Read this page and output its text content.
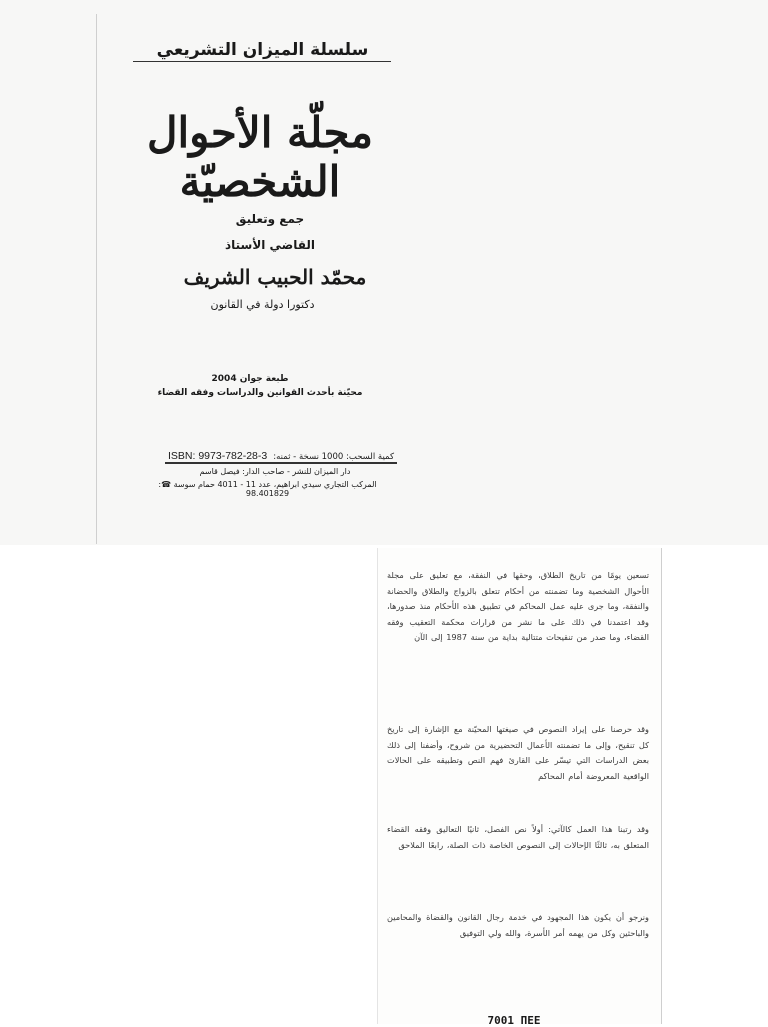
سلسلة الميزان التشريعي
مجلّة الأحوال الشخصيّة
جمع وتعليق
القاضي الأستاذ
محمّد الحبيب الشريف
دكتورا دولة في القانون
طبعة جوان 2004
محيّنة بأحدث القوانين والدراسات وفقه القضاء
ISBN: 9973-782-28-3 كمية السحب: 1000 نسخة - ثمنه:
دار الميزان للنشر - صاحب الدار: فيصل قاسم
المركب التجاري سيدي ابراهيم، عدد 11 - 4011 حمام سوسة ☎: 98.401829
تسعين يومًا من تاريخ الطلاق، وحقها في النفقة، مع تعليق على مجلة الأحوال الشخصية وما تضمنته من أحكام تتعلق بالزواج والطلاق والحضانة والنفقة، وما جرى عليه عمل المحاكم في تطبيق هذه الأحكام منذ صدورها، وقد اعتمدنا في ذلك على ما نشر من قرارات محكمة التعقيب وفقه القضاء، وما صدر من تنقيحات متتالية بداية من سنة 1987 إلى الآن
وقد حرصنا على إيراد النصوص في صيغتها المحيّنة مع الإشارة إلى تاريخ كل تنقيح، وإلى ما تضمنته الأعمال التحضيرية من شروح، وأضفنا إلى ذلك بعض الدراسات التي تيسّر على القارئ فهم النص وتطبيقه على الحالات الواقعية المعروضة أمام المحاكم
وقد رتبنا هذا العمل كالآتي: أولاً نص الفصل، ثانيًا التعاليق وفقه القضاء المتعلق به، ثالثًا الإحالات إلى النصوص الخاصة ذات الصلة، رابعًا الملاحق
ونرجو أن يكون هذا المجهود في خدمة رجال القانون والقضاة والمحامين والباحثين وكل من يهمه أمر الأسرة، والله ولي التوفيق
7001 ΠΕΕ
